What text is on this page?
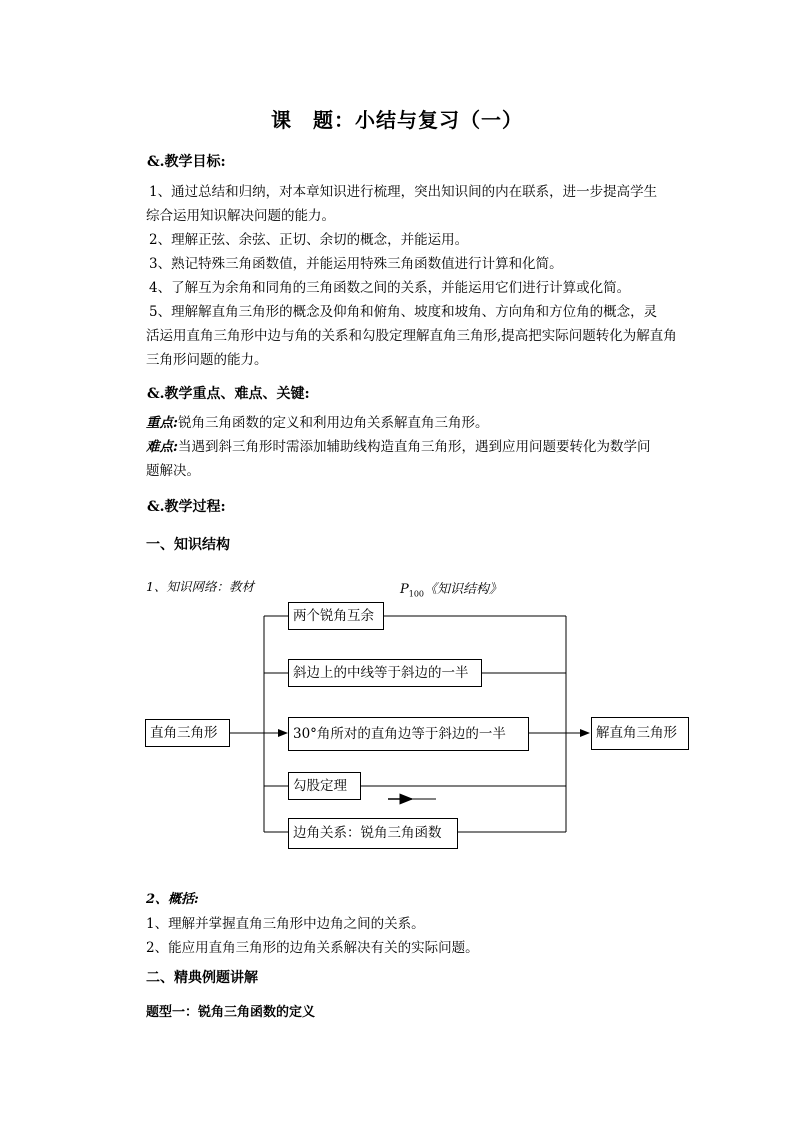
课　题：小结与复习（一）
&.教学目标:
1、通过总结和归纳，对本章知识进行梳理，突出知识间的内在联系，进一步提高学生
综合运用知识解决问题的能力。
2、理解正弦、余弦、正切、余切的概念，并能运用。
3、熟记特殊三角函数值，并能运用特殊三角函数值进行计算和化简。
4、了解互为余角和同角的三角函数之间的关系，并能运用它们进行计算或化简。
5、理解解直角三角形的概念及仰角和俯角、坡度和坡角、方向角和方位角的概念，灵
活运用直角三角形中边与角的关系和勾股定理解直角三角形,提高把实际问题转化为解直角
三角形问题的能力。
&.教学重点、难点、关键:
重点:锐角三角函数的定义和利用边角关系解直角三角形。
难点:当遇到斜三角形时需添加辅助线构造直角三角形，遇到应用问题要转化为数学问
题解决。
&.教学过程:
一、知识结构
1、知识网络：教材	$P_{100}$《知识结构》
直角三角形
两个锐角互余
斜边上的中线等于斜边的一半
30°角所对的直角边等于斜边的一半
勾股定理
边角关系：锐角三角函数
解直角三角形
2、概括:
1、理解并掌握直角三角形中边角之间的关系。
2、能应用直角三角形的边角关系解决有关的实际问题。
二、精典例题讲解
题型一：锐角三角函数的定义
